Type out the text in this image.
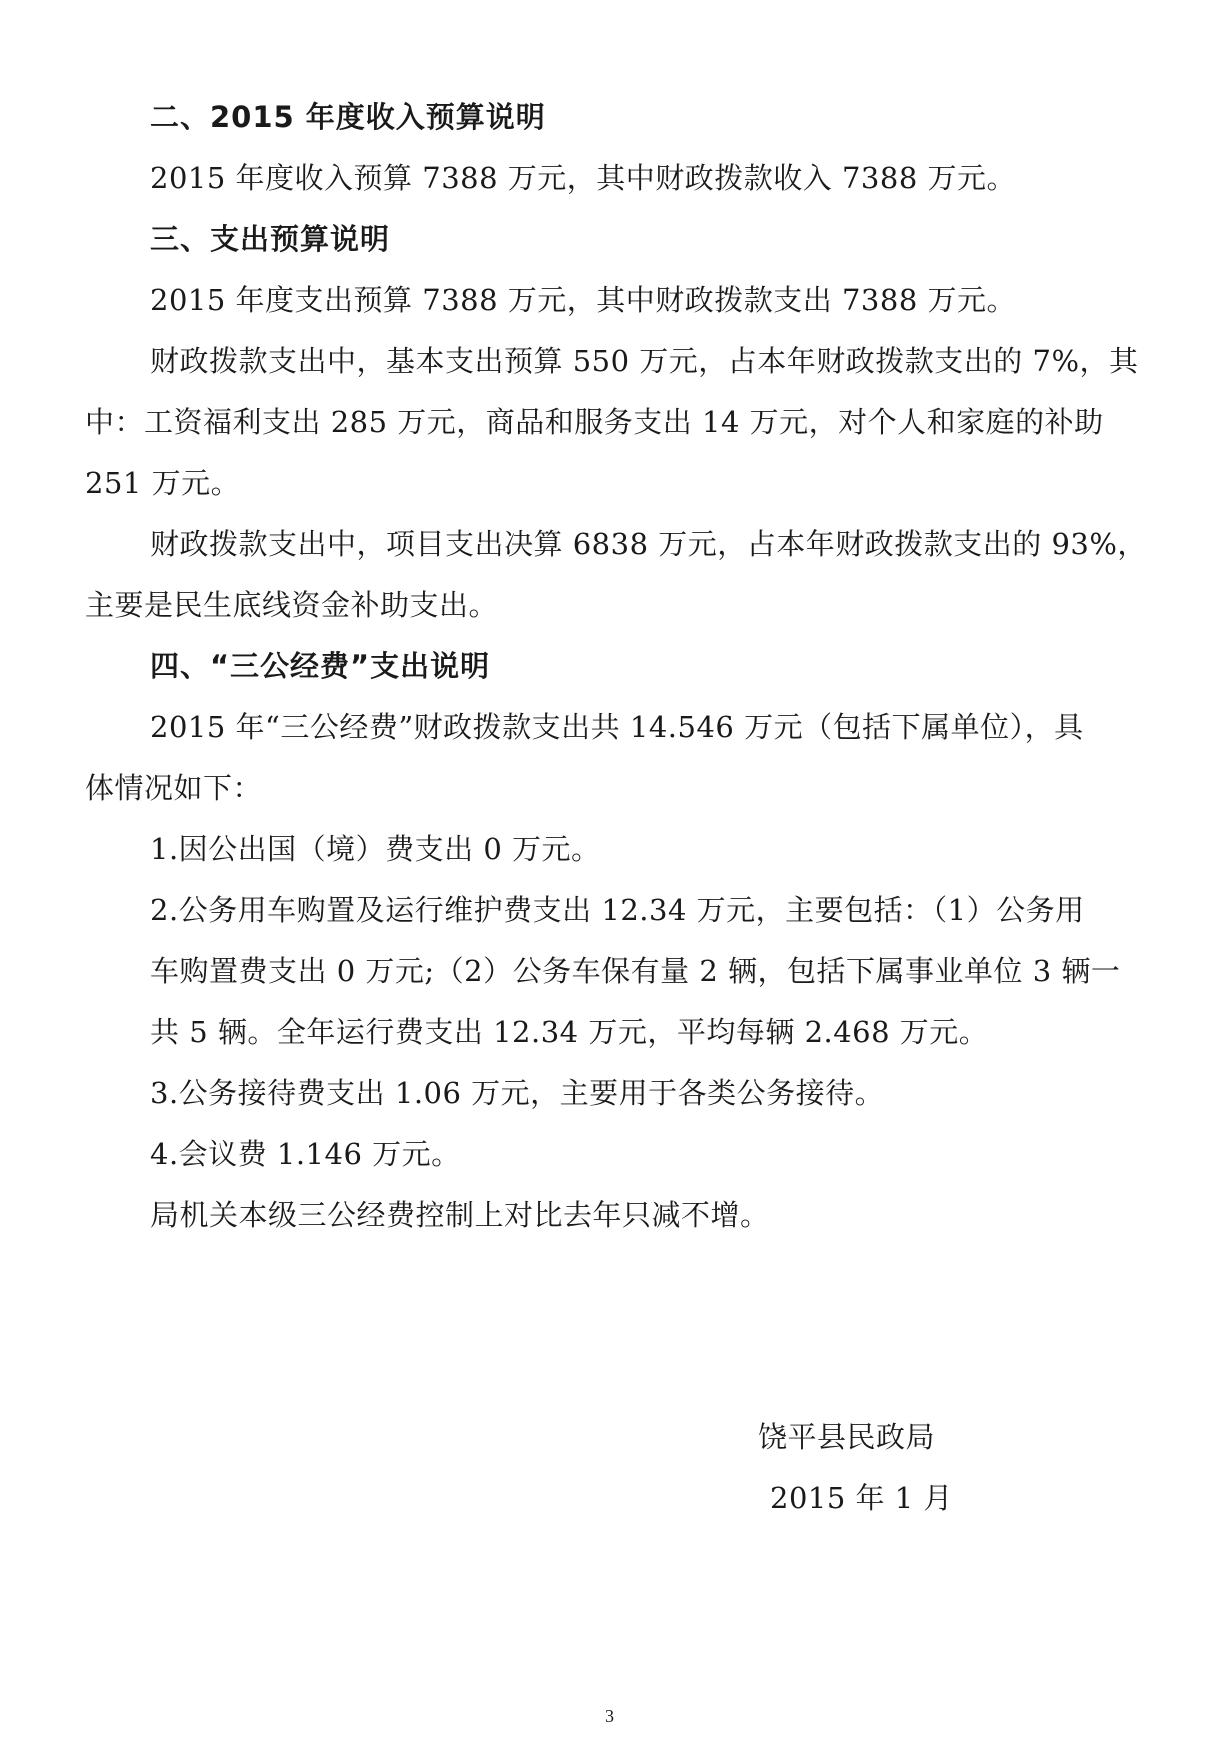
二、2015 年度收入预算说明
2015 年度收入预算 7388 万元，其中财政拨款收入 7388 万元。
三、支出预算说明
2015 年度支出预算 7388 万元，其中财政拨款支出 7388 万元。
财政拨款支出中，基本支出预算 550 万元，占本年财政拨款支出的 7%，其
中：工资福利支出 285 万元，商品和服务支出 14 万元，对个人和家庭的补助
251 万元。
财政拨款支出中，项目支出决算 6838 万元，占本年财政拨款支出的 93%，
主要是民生底线资金补助支出。
四、“三公经费”支出说明
2015 年“三公经费”财政拨款支出共 14.546 万元（包括下属单位），具
体情况如下：
1.因公出国（境）费支出 0 万元。
2.公务用车购置及运行维护费支出 12.34 万元，主要包括：（1）公务用
车购置费支出 0 万元;（2）公务车保有量 2 辆，包括下属事业单位 3 辆一
共 5 辆。全年运行费支出 12.34 万元，平均每辆 2.468 万元。
3.公务接待费支出 1.06 万元，主要用于各类公务接待。
4.会议费 1.146 万元。
局机关本级三公经费控制上对比去年只减不增。
饶平县民政局
2015 年 1 月
3
